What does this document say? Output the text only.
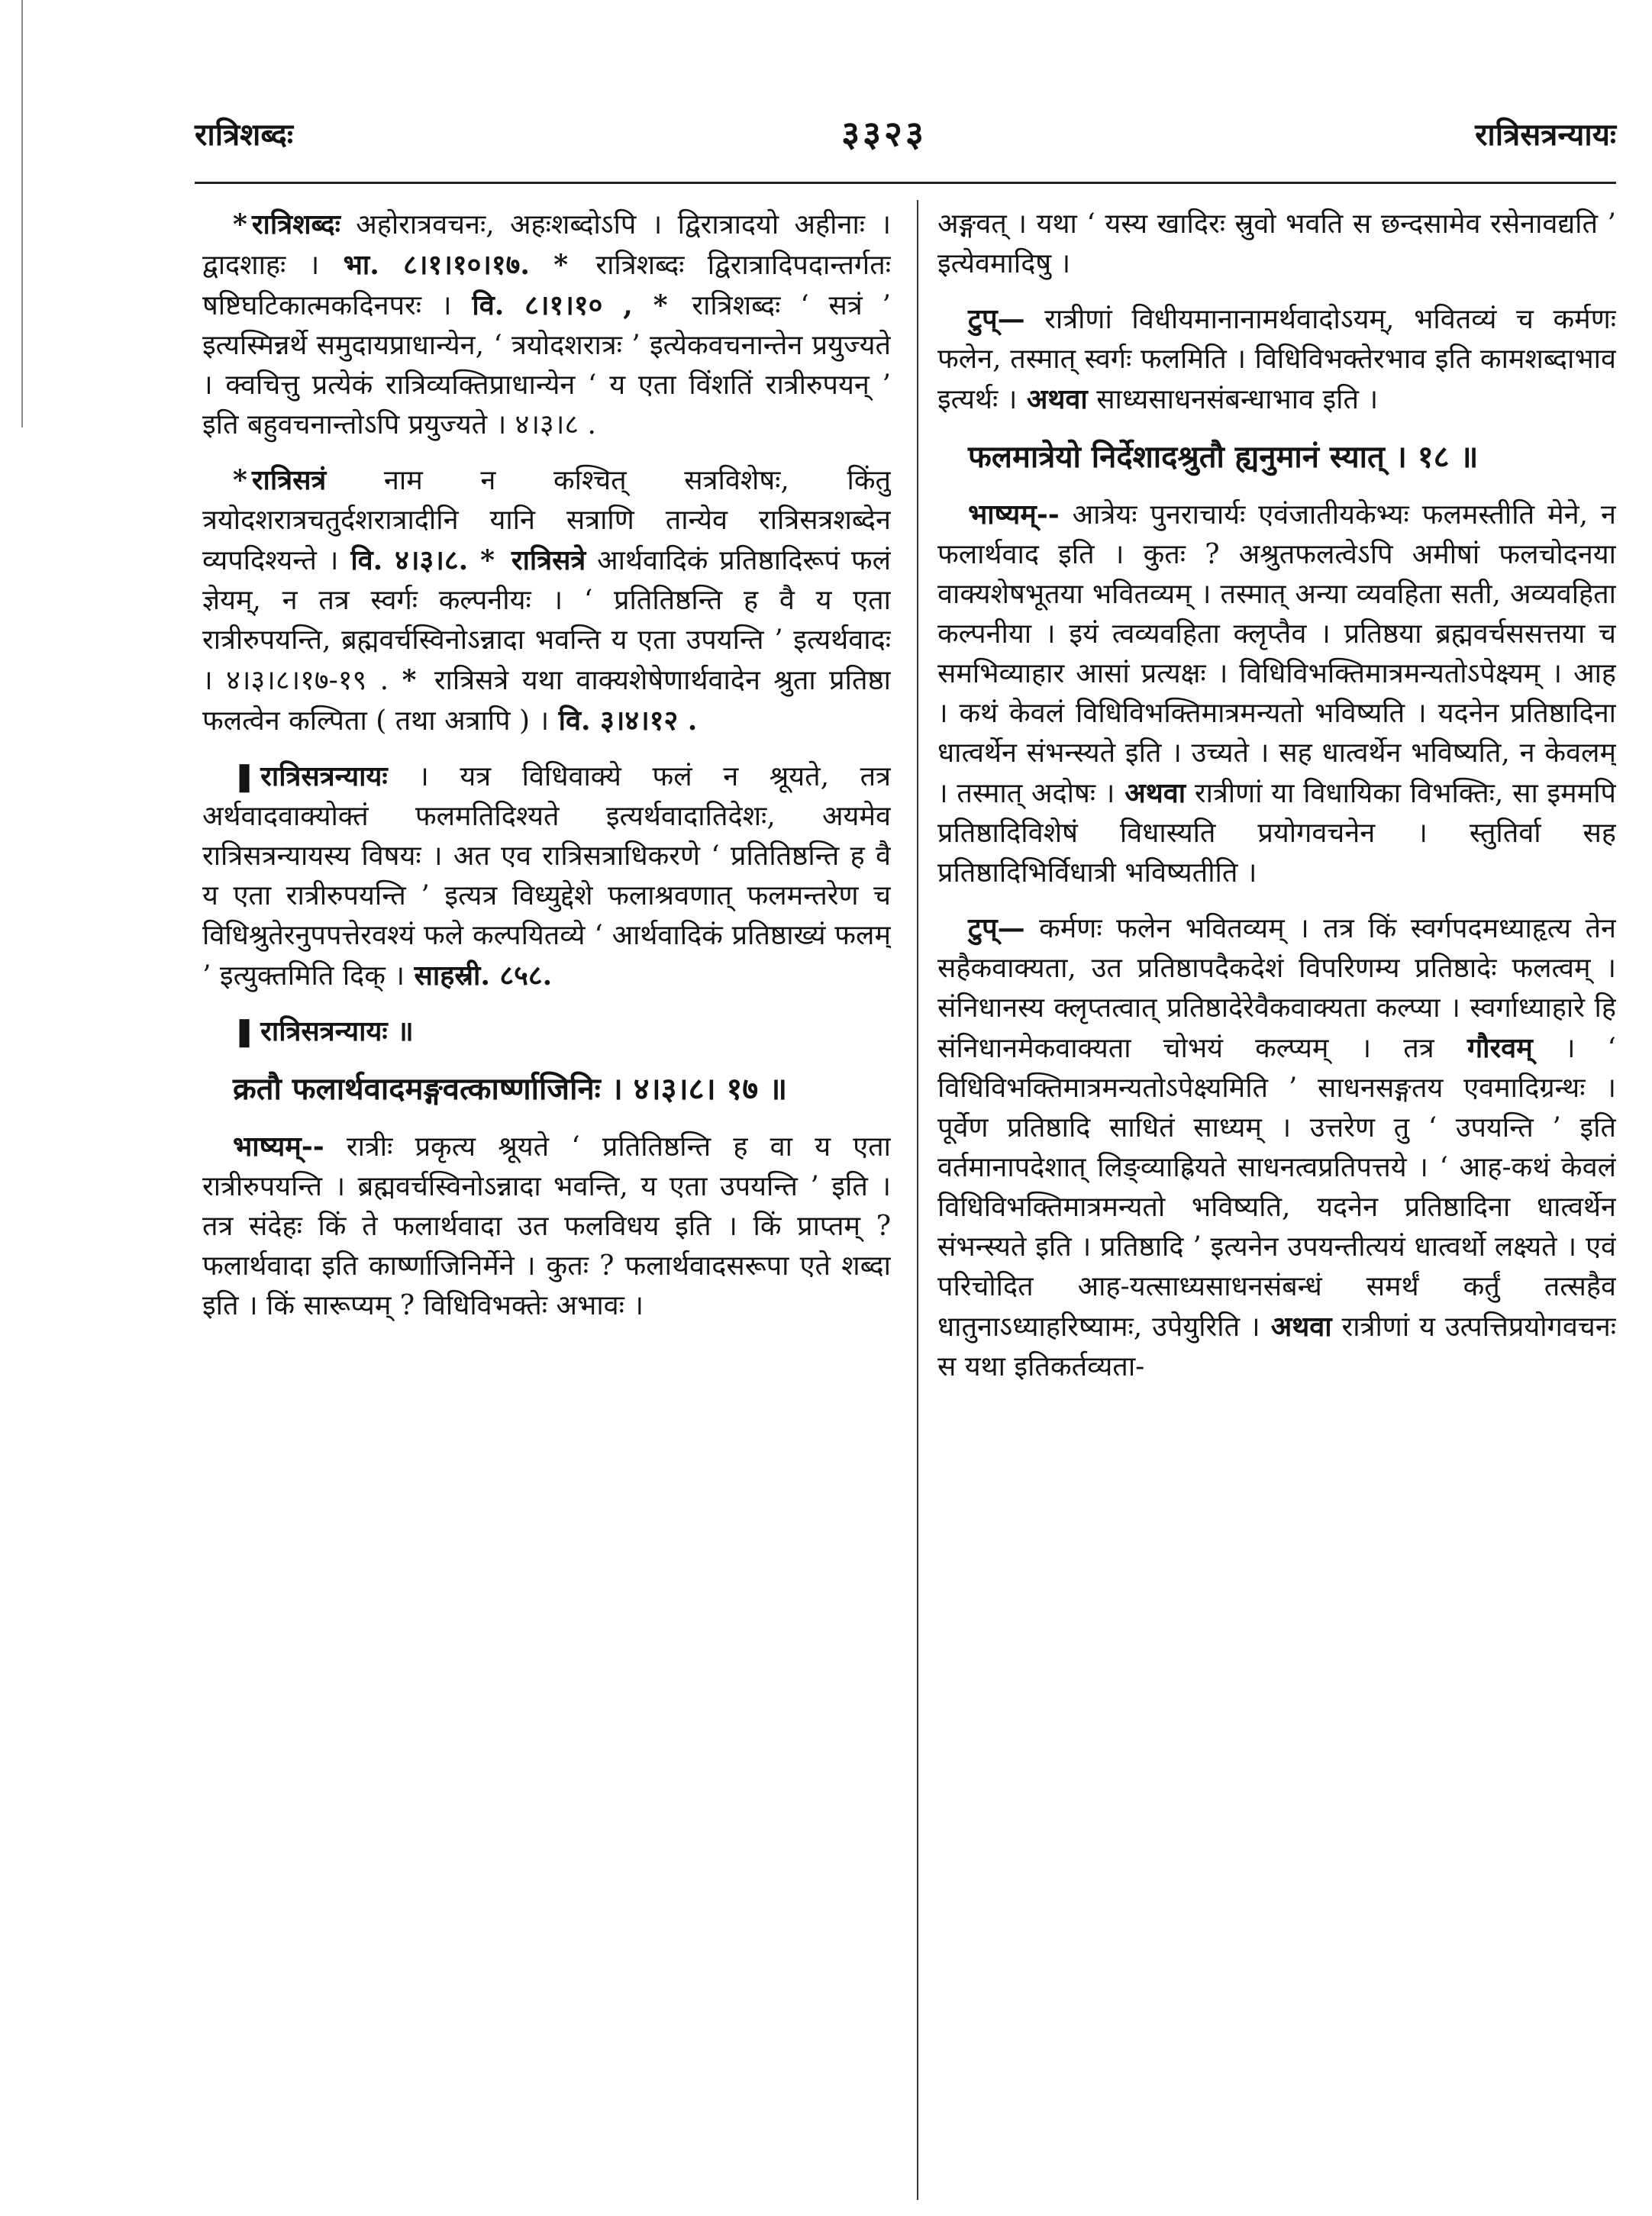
रात्रिशब्दः	३३२३	रात्रिसत्रन्यायः

* रात्रिशब्दः अहोरात्रवचनः, अहःशब्दोऽपि । द्विरात्रादयो अहीनाः । द्वादशाहः । भा. ८।१।१०।१७. * रात्रिशब्दः द्विरात्रादिपदान्तर्गतः षष्टिघटिकात्मकदिनपरः । वि. ८।१।१० , * रात्रिशब्दः ‘ सत्रं ’ इत्यस्मिन्नर्थे समुदायप्राधान्येन, ‘ त्रयोदशरात्रः ’ इत्येकवचनान्तेन प्रयुज्यते । क्वचित्तु प्रत्येकं रात्रिव्यक्तिप्राधान्येन ‘ य एता विंशतिं रात्रीरुपयन् ’ इति बहुवचनान्तोऽपि प्रयुज्यते । ४।३।८ .

* रात्रिसत्रं नाम न कश्चित् सत्रविशेषः, किंतु त्रयोदशरात्रचतुर्दशरात्रादीनि यानि सत्राणि तान्येव रात्रिसत्रशब्देन व्यपदिश्यन्ते । वि. ४।३।८. * रात्रिसत्रे आर्थवादिकं प्रतिष्ठादिरूपं फलं ज्ञेयम्, न तत्र स्वर्गः कल्पनीयः । ‘ प्रतितिष्ठन्ति ह वै य एता रात्रीरुपयन्ति, ब्रह्मवर्चस्विनोऽन्नादा भवन्ति य एता उपयन्ति ’ इत्यर्थवादः । ४।३।८।१७-१९ . * रात्रिसत्रे यथा वाक्यशेषेणार्थवादेन श्रुता प्रतिष्ठा फलत्वेन कल्पिता ( तथा अत्रापि ) । वि. ३।४।१२ .

❚ रात्रिसत्रन्यायः । यत्र विधिवाक्ये फलं न श्रूयते, तत्र अर्थवादवाक्योक्तं फलमतिदिश्यते इत्यर्थवादातिदेशः, अयमेव रात्रिसत्रन्यायस्य विषयः । अत एव रात्रिसत्राधिकरणे ‘ प्रतितिष्ठन्ति ह वै य एता रात्रीरुपयन्ति ’ इत्यत्र विध्युद्देशे फलाश्रवणात् फलमन्तरेण च विधिश्रुतेरनुपपत्तेरवश्यं फले कल्पयितव्ये ‘ आर्थवादिकं प्रतिष्ठाख्यं फलम् ’ इत्युक्तमिति दिक् । साहस्री. ८५८.

❚ रात्रिसत्रन्यायः ॥

क्रतौ फलार्थवादमङ्गवत्कार्ष्णाजिनिः । ४।३।८। १७ ॥

भाष्यम्-- रात्रीः प्रकृत्य श्रूयते ‘ प्रतितिष्ठन्ति ह वा य एता रात्रीरुपयन्ति । ब्रह्मवर्चस्विनोऽन्नादा भवन्ति, य एता उपयन्ति ’ इति । तत्र संदेहः किं ते फलार्थवादा उत फलविधय इति । किं प्राप्तम् ? फलार्थवादा इति कार्ष्णाजिनिर्मेने । कुतः ? फलार्थवादसरूपा एते शब्दा इति । किं सारूप्यम् ? विधिविभक्तेः अभावः ।

अङ्गवत् । यथा ‘ यस्य खादिरः स्रुवो भवति स छन्दसामेव रसेनावद्यति ’ इत्येवमादिषु ।

टुप्— रात्रीणां विधीयमानानामर्थवादोऽयम्, भवितव्यं च कर्मणः फलेन, तस्मात् स्वर्गः फलमिति । विधिविभक्तेरभाव इति कामशब्दाभाव इत्यर्थः । अथवा साध्यसाधनसंबन्धाभाव इति ।

फलमात्रेयो निर्देशादश्रुतौ ह्यनुमानं स्यात् । १८ ॥

भाष्यम्-- आत्रेयः पुनराचार्यः एवंजातीयकेभ्यः फलमस्तीति मेने, न फलार्थवाद इति । कुतः ? अश्रुतफलत्वेऽपि अमीषां फलचोदनया वाक्यशेषभूतया भवितव्यम् । तस्मात् अन्या व्यवहिता सती, अव्यवहिता कल्पनीया । इयं त्वव्यवहिता क्लृप्तैव । प्रतिष्ठया ब्रह्मवर्चससत्तया च समभिव्याहार आसां प्रत्यक्षः । विधिविभक्तिमात्रमन्यतोऽपेक्ष्यम् । आह । कथं केवलं विधिविभक्तिमात्रमन्यतो भविष्यति । यदनेन प्रतिष्ठादिना धात्वर्थेन संभन्स्यते इति । उच्यते । सह धात्वर्थेन भविष्यति, न केवलम् । तस्मात् अदोषः । अथवा रात्रीणां या विधायिका विभक्तिः, सा इममपि प्रतिष्ठादिविशेषं विधास्यति प्रयोगवचनेन । स्तुतिर्वा सह प्रतिष्ठादिभिर्विधात्री भविष्यतीति ।

टुप्— कर्मणः फलेन भवितव्यम् । तत्र किं स्वर्गपदमध्याहृत्य तेन सहैकवाक्यता, उत प्रतिष्ठापदैकदेशं विपरिणम्य प्रतिष्ठादेः फलत्वम् । संनिधानस्य क्लृप्तत्वात् प्रतिष्ठादेरेवैकवाक्यता कल्प्या । स्वर्गाध्याहारे हि संनिधानमेकवाक्यता चोभयं कल्प्यम् । तत्र गौरवम् । ‘ विधिविभक्तिमात्रमन्यतोऽपेक्ष्यमिति ’ साधनसङ्गतय एवमादिग्रन्थः । पूर्वेण प्रतिष्ठादि साधितं साध्यम् । उत्तरेण तु ‘ उपयन्ति ’ इति वर्तमानापदेशात् लिङ्व्याह्रियते साधनत्वप्रतिपत्तये । ‘ आह-कथं केवलं विधिविभक्तिमात्रमन्यतो भविष्यति, यदनेन प्रतिष्ठादिना धात्वर्थेन संभन्स्यते इति । प्रतिष्ठादि ’ इत्यनेन उपयन्तीत्ययं धात्वर्थो लक्ष्यते । एवं परिचोदित आह-यत्साध्यसाधनसंबन्धं समर्थं कर्तुं तत्सहैव धातुनाऽध्याहरिष्यामः, उपेयुरिति । अथवा रात्रीणां य उत्पत्तिप्रयोगवचनः स यथा इतिकर्तव्यता-
